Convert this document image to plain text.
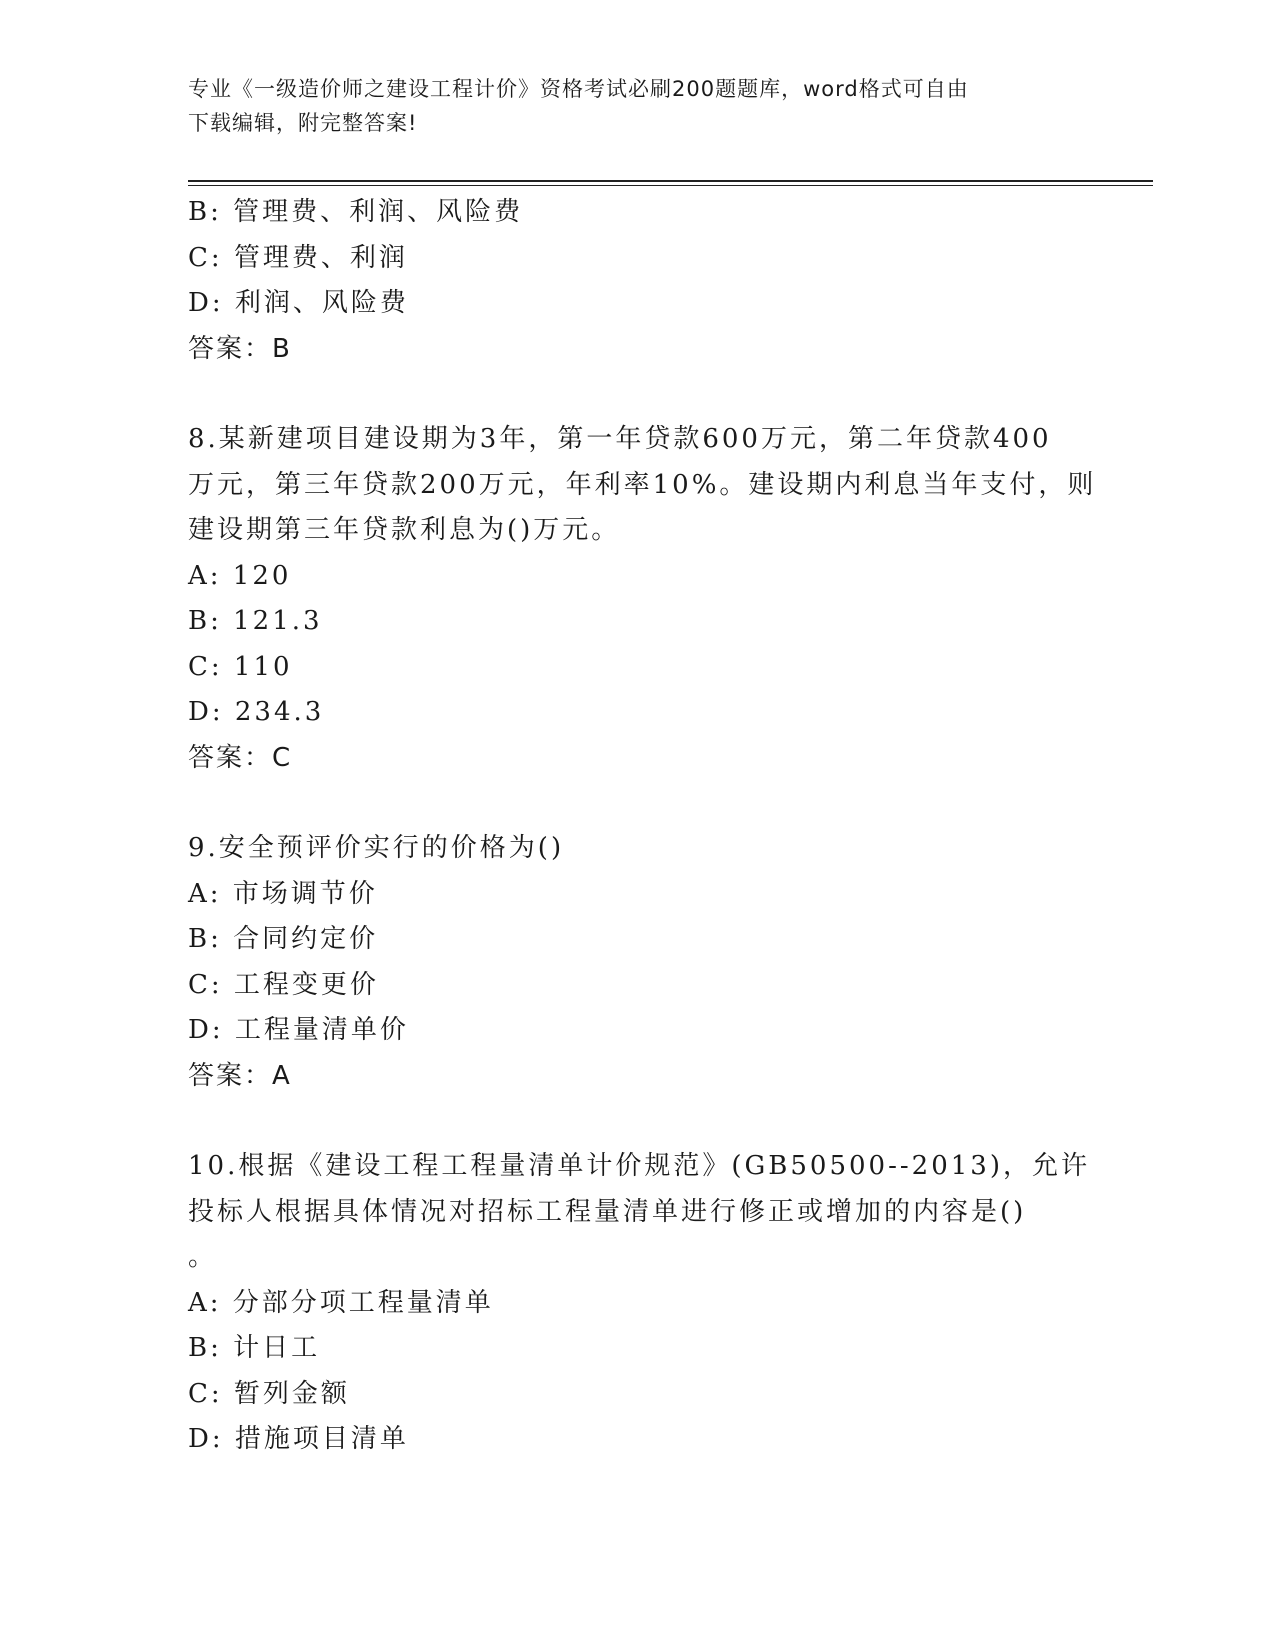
专业《一级造价师之建设工程计价》资格考试必刷200题题库，word格式可自由
下载编辑，附完整答案!
B: 管理费、利润、风险费
C: 管理费、利润
D: 利润、风险费
答案：B
8.某新建项目建设期为3年，第一年贷款600万元，第二年贷款400
万元，第三年贷款200万元，年利率10%。建设期内利息当年支付，则
建设期第三年贷款利息为()万元。
A: 120
B: 121.3
C: 110
D: 234.3
答案：C
9.安全预评价实行的价格为()
A: 市场调节价
B: 合同约定价
C: 工程变更价
D: 工程量清单价
答案：A
10.根据《建设工程工程量清单计价规范》(GB50500--2013)，允许
投标人根据具体情况对招标工程量清单进行修正或增加的内容是()
。
A: 分部分项工程量清单
B: 计日工
C: 暂列金额
D: 措施项目清单
